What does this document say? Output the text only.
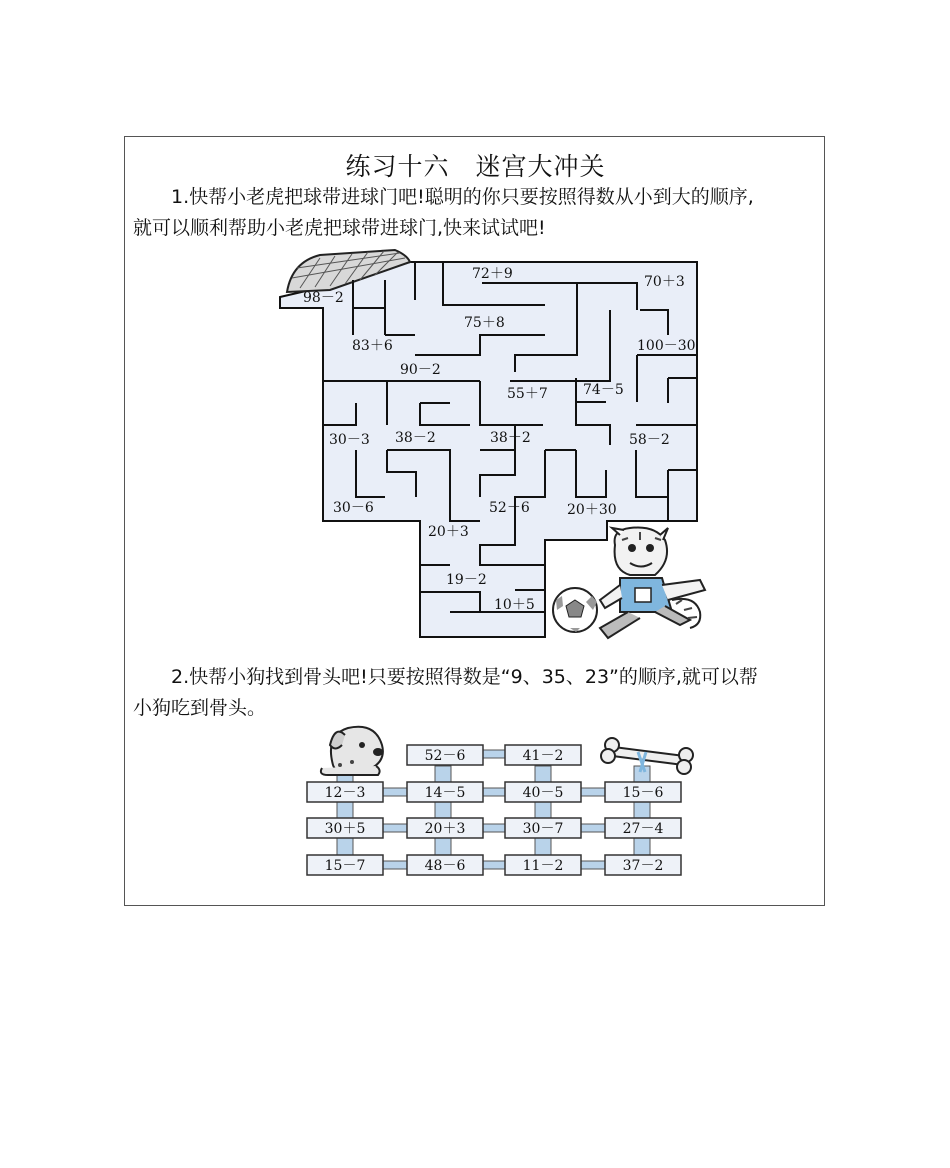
练习十六　迷宫大冲关
1.快帮小老虎把球带进球门吧!聪明的你只要按照得数从小到大的顺序,
就可以顺利帮助小老虎把球带进球门,快来试试吧!
2.快帮小狗找到骨头吧!只要按照得数是“9、35、23”的顺序,就可以帮
小狗吃到骨头。
98－2
72＋9	70＋3
75＋8
83＋6	100－30
90－2
55＋7	74－5
30－3 38－2	38＋2	58－2
30－6	52－6	20＋30
20＋3
19－2
10＋5
52－6	41－2
12－3	14－5	40－5	15－6
30＋5	20＋3	30－7	27－4
15－7	48－6	11－2	37－2
